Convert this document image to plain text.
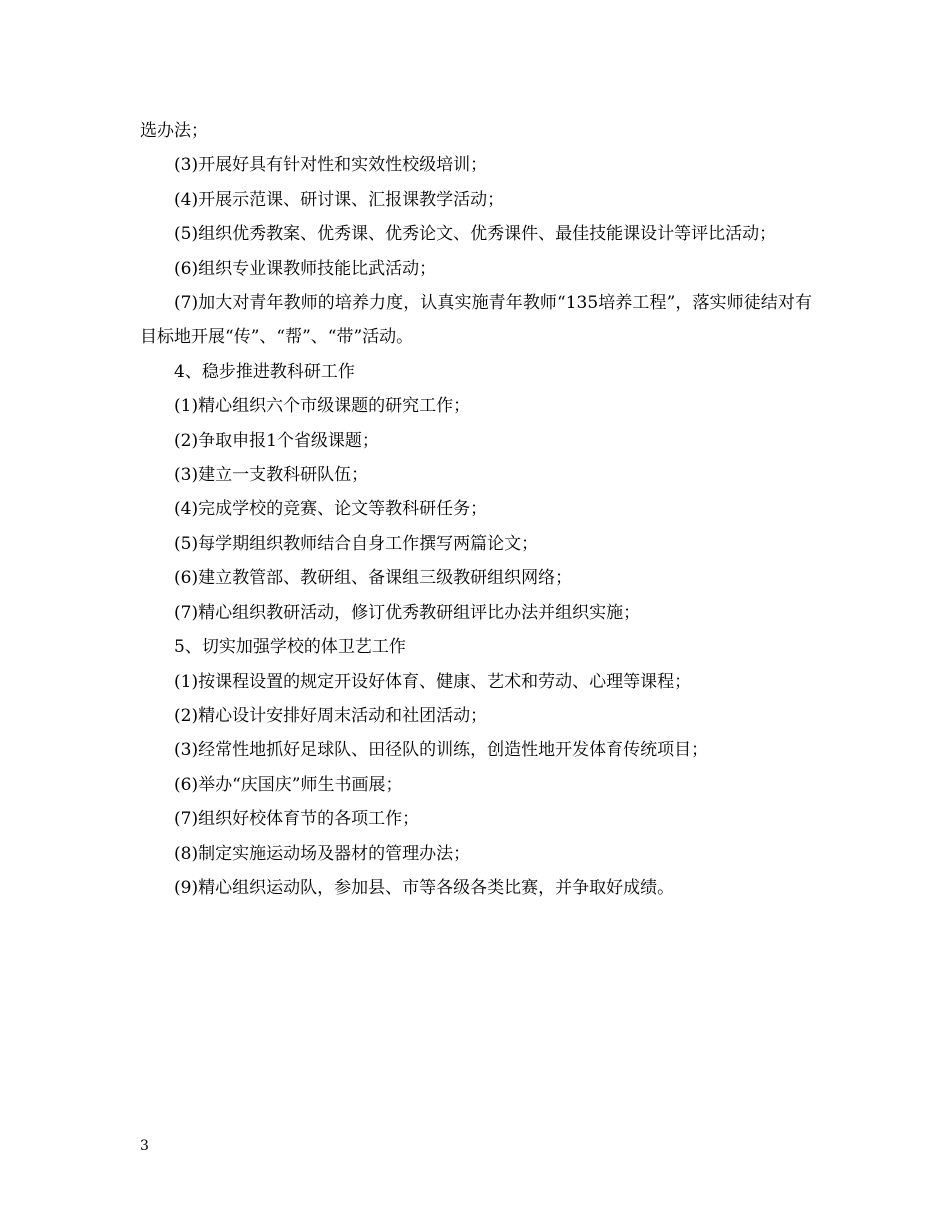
选办法；

(3)开展好具有针对性和实效性校级培训；

(4)开展示范课、研讨课、汇报课教学活动；

(5)组织优秀教案、优秀课、优秀论文、优秀课件、最佳技能课设计等评比活动；

(6)组织专业课教师技能比武活动；

(7)加大对青年教师的培养力度，认真实施青年教师“135培养工程”，落实师徒结对有目标地开展“传”、“帮”、“带”活动。

4、稳步推进教科研工作

(1)精心组织六个市级课题的研究工作；

(2)争取申报1个省级课题；

(3)建立一支教科研队伍；

(4)完成学校的竞赛、论文等教科研任务；

(5)每学期组织教师结合自身工作撰写两篇论文；

(6)建立教管部、教研组、备课组三级教研组织网络；

(7)精心组织教研活动，修订优秀教研组评比办法并组织实施；

5、切实加强学校的体卫艺工作

(1)按课程设置的规定开设好体育、健康、艺术和劳动、心理等课程；

(2)精心设计安排好周末活动和社团活动；

(3)经常性地抓好足球队、田径队的训练，创造性地开发体育传统项目；

(6)举办“庆国庆”师生书画展；

(7)组织好校体育节的各项工作；

(8)制定实施运动场及器材的管理办法；

(9)精心组织运动队，参加县、市等各级各类比赛，并争取好成绩。

3
